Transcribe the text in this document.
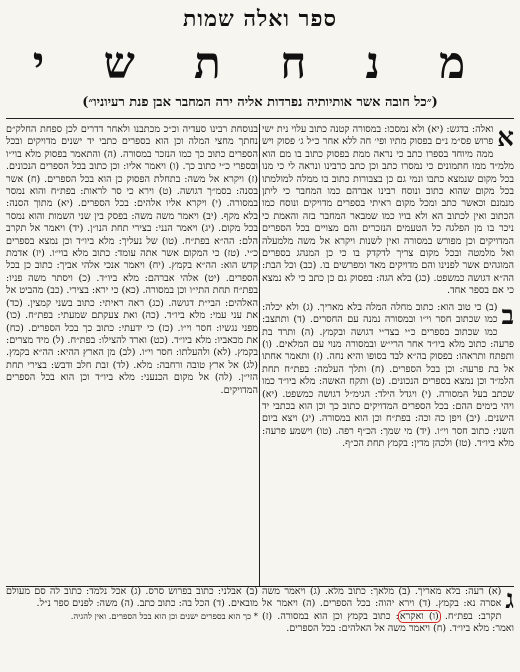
ספר ואלה שמות
מ נ ח ת ש י
(״כל חובה אשר אותיותיה נפרדות אליה ירה המחבר אבן פנת רעיוניו״)
א
ואלה: בדגש: (יא) ולא נמסכו: במסורה קטנה כתוב עלוי נית ישי פרוש פס״מ נ״ם בפסוק מתיו ופי׳ חה ללא אחר כ״ל ג׳ פסוק ויש ממה מיוחד בספרו כתב כי נראה ממת בפסוק כתוב בו מם הוא מלמ״ד ממו חתמונים כי נמסרו כתב וכן כתב כרבינו ונראה לי כי מנו בכל מקום שנמצא כתבו ונמי גם כן בצבורות כתוב בו ממלה למולמתו בכל מקום שהוא כתוב ונוסח רבינו אברהם כמו המחבר כי ליתן מנמנם וכאשר כתב ומכל מקום ראיתי בספרים מדויקים ונוסח כמו הכתוב ואין לכתוב הא ולא בויו כמו שמבאר המחבר בזה והאמת כי ניכר בו מן הפלגה כל הטעמים הנזכרים והם מצויים בכל הספרים המדויקים וכן מפורש במסורה ואין לשנות ויקרא אל משה מלמעלה ואל מלמטה ובכל מקום צריך לדקדק בו כי כן המנהג בספרים המוגהים אשר לפנינו והם מדויקים מאד ומפרשים בו. (כב) וכל הבת: הה״א דגושה כמשפט. (כג) בלא הגה: בפסוק גם כן כתב כי לא נמצא כי אם בספר אחד.
ב
(ב) כי טוב הוא: כתוב מחלה המלה בלא מאריך. (ג) ולא יכלה: כמו שכתוב חסר וי״ו ובמסורה נמנה עם החסרים. (ד) ותתצב: כמו שכתוב בספרים כ״י בצד״י דגושה ובקמץ. (ה) ותרד בת פרעה: כתוב מלא ביו״ד אחר הרי״ש ובמסורה מנוי עם המלאים. (ו) ותפתח ותראהו: בפסוק בה״א לבד בסופו והיא נחה. (ז) ותאמר אחתו אל בת פרעה: וכן בכל הספרים. (ח) ותלך העלמה: בפת״ח תחת הלמ״ד וכן נמצא בספרים הנכונים. (ט) ותקח האשה: מלא ביו״ד כמו שכתב בעל המסורה. (י) ויגדל הילד: הגימ״ל דגושה כמשפט. (יא) ויהי בימים ההם: בכל הספרים המדויקים כתוב כך וכן הוא בכתבי יד הישנים. (יב) ויפן כה וכה: בפת״ח וכן הוא במסורה. (יג) ויצא ביום השני: כתוב חסר וי״ו. (יד) מי שמך: הכ״ף רפה. (טו) וישמע פרעה: מלא ביו״ד. (טז) ולכהן מדין: בקמץ תחת הכ״ף.
בנוסחת רבינו סעדיה וכ״כ מכתבנו ולאחר דדרים לכן ספחת החלק״ם נחתך מחצי המלה וכן הוא בספרים כתבי יד ישנים מדויקים ובכל הספרים כתוב כך כמו הנזכר במסורה. (ה) והתאמר בפסוק מלא בוי״ו ובספרי כ״י כתוב כך. (ו) ויאמר אליו: וכן כתוב בכל הספרים הנכונים. (ז) ויקרא אל משה: בתחלת הפסוק כן הוא בכל הספרים. (ח) אשר בסנה: בסמ״ך דגושה. (ט) וירא כי סר לראות: בפת״ח והוא נמסר במסורה. (י) ויקרא אליו אלהים: בכל הספרים. (יא) מתוך הסנה: בלא מקף. (יב) ויאמר משה משה: בפסק בין שני השמות והוא נמסר בכל מקום. (יג) ויאמר הנני: בצירי תחת הנו״ן. (יד) ויאמר אל תקרב הלם: הה״א בפת״ח. (טו) של נעליך: מלא ביו״ד וכן נמצא בספרים כ״י. (טז) כי המקום אשר אתה עומד: כתוב מלא בוי״ו. (יז) אדמת קדש הוא: הה״א בקמץ. (יח) ויאמר אנכי אלהי אביך: כתוב כן בכל הספרים. (יט) אלהי אברהם: מלא ביו״ד. (כ) ויסתר משה פניו: בפת״ח תחת התי״ו וכן במסורה. (כא) כי ירא: בצירי. (כב) מהביט אל האלהים: הבי״ת דגושה. (כג) ראה ראיתי: כתוב בשני קמצין. (כד) את עני עמי: מלא ביו״ד. (כה) ואת צעקתם שמעתי: בפת״ח. (כו) מפני נגשיו: חסר וי״ו. (כז) כי ידעתי: כתוב כך בכל הספרים. (כח) את מכאביו: מלא ביו״ד. (כט) וארד להצילו: בפת״ח. (ל) מיד מצרים: בקמץ. (לא) ולהעלתו: חסר וי״ו. (לב) מן הארץ ההיא: הה״א בקמץ. (לג) אל ארץ טובה ורחבה: מלא. (לד) זבת חלב ודבש: בצירי תחת הזי״ן. (לה) אל מקום הכנעני: מלא ביו״ד וכן הוא בכל הספרים המדויקים.
ג
(א) רעה: בלא מאריך. (ב) מלאך: כתוב מלא. (ג) ויאמר משה אסרה נא: בקמץ. (ד) וירא יהוה: בכל הספרים. (ה) ויאמר אל תקרב: בפת״ח. (ו) ואקרא: כתוב בקמץ וכן הוא במסורה. (ז) ואמר: מלא ביו״ד. (ח) ויאמר משה אל האלהים: בכל הספרים.
(ב) אבלני: כתוב בפרוש סרס. (ג) אכל נלמד: כתוב לה סם מעולם מובאים. (ד) הכל בה: כתוב כתב. (ה) משה: לפנים ספר נ״ל.
* כך הוא בספרים ישנים וכן הוא בכל הספרים. ואין להגיה.
